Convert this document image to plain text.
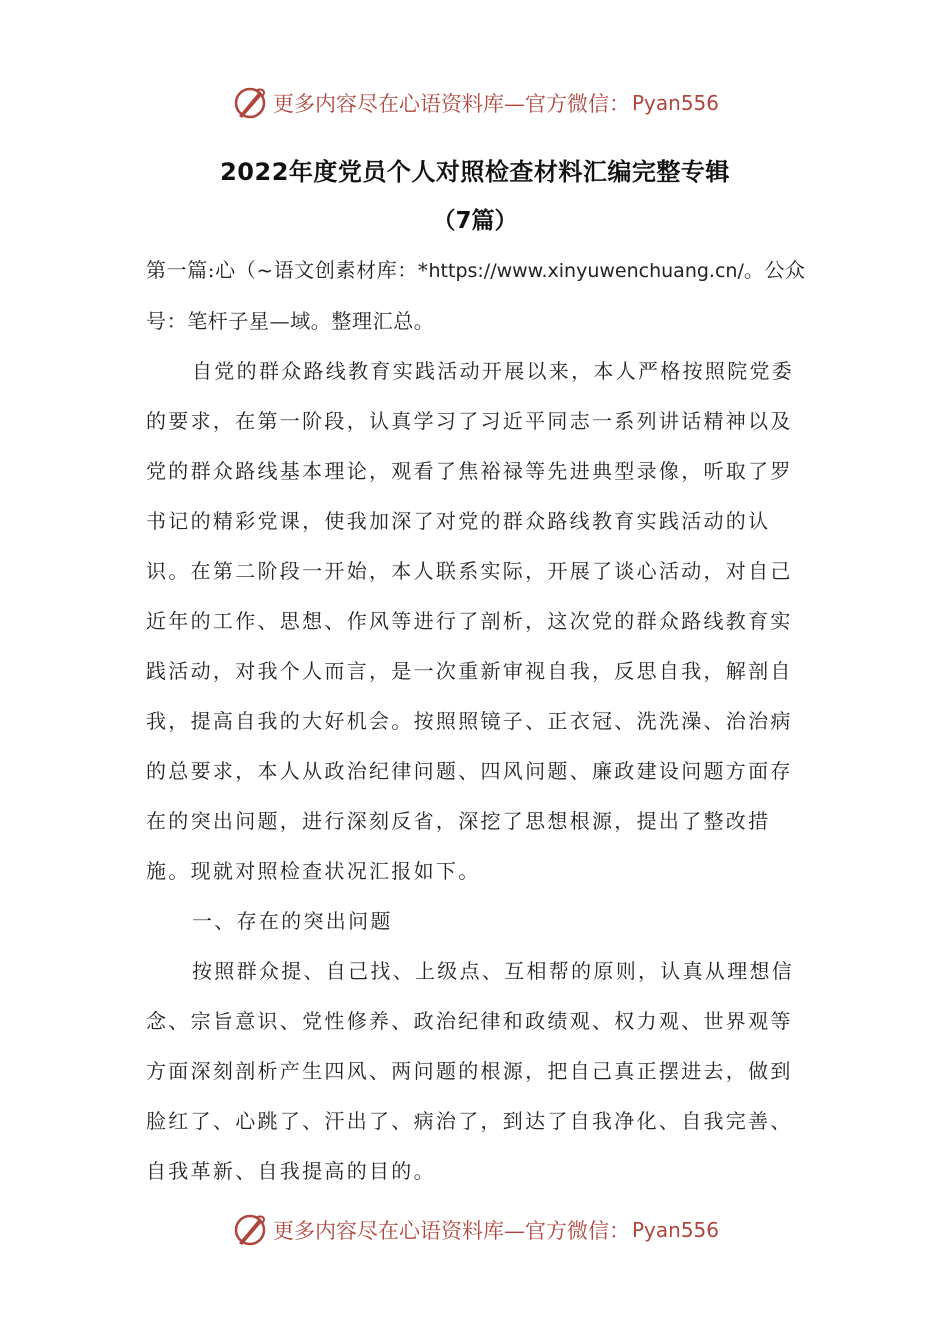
更多内容尽在心语资料库 —官方微信： Pyan556
2022年度党员个人对照检查材料汇编完整专辑
（7篇）

第一篇:心（~语文创素材库：*https://www.xinyuwenchuang.cn/。公众号：笔杆子星—域。整理汇总。

自党的群众路线教育实践活动开展以来，本人严格按照院党委的要求，在第一阶段，认真学习了习近平同志一系列讲话精神以及党的群众路线基本理论，观看了焦裕禄等先进典型录像，听取了罗书记的精彩党课，使我加深了对党的群众路线教育实践活动的认识。在第二阶段一开始，本人联系实际，开展了谈心活动，对自己近年的工作、思想、作风等进行了剖析，这次党的群众路线教育实践活动，对我个人而言，是一次重新审视自我，反思自我，解剖自我，提高自我的大好机会。按照照镜子、正衣冠、洗洗澡、治治病的总要求，本人从政治纪律问题、四风问题、廉政建设问题方面存在的突出问题，进行深刻反省，深挖了思想根源，提出了整改措施。现就对照检查状况汇报如下。

一、存在的突出问题

按照群众提、自己找、上级点、互相帮的原则，认真从理想信念、宗旨意识、党性修养、政治纪律和政绩观、权力观、世界观等方面深刻剖析产生四风、两问题的根源，把自己真正摆进去，做到脸红了、心跳了、汗出了、病治了，到达了自我净化、自我完善、自我革新、自我提高的目的。

更多内容尽在心语资料库 —官方微信： Pyan556
